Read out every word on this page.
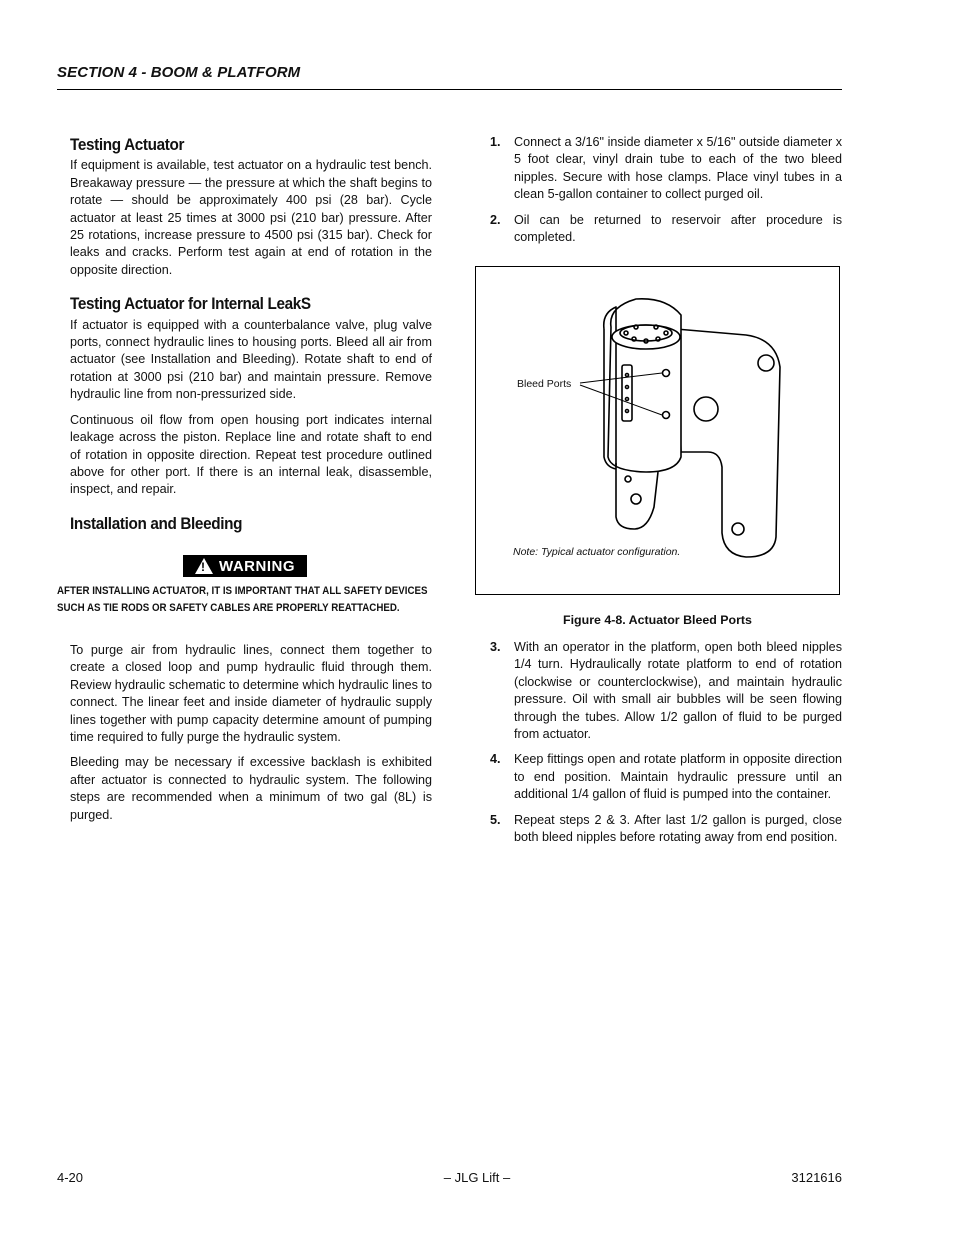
SECTION 4 - BOOM & PLATFORM
Testing Actuator

If equipment is available, test actuator on a hydraulic test bench. Breakaway pressure — the pressure at which the shaft begins to rotate — should be approximately 400 psi (28 bar). Cycle actuator at least 25 times at 3000 psi (210 bar) pressure. After 25 rotations, increase pressure to 4500 psi (315 bar). Check for leaks and cracks. Perform test again at end of rotation in the opposite direction.

Testing Actuator for Internal LeakS

If actuator is equipped with a counterbalance valve, plug valve ports, connect hydraulic lines to housing ports. Bleed all air from actuator (see Installation and Bleeding). Rotate shaft to end of rotation at 3000 psi (210 bar) and maintain pressure. Remove hydraulic line from non-pressurized side.

Continuous oil flow from open housing port indicates internal leakage across the piston. Replace line and rotate shaft to end of rotation in opposite direction. Repeat test procedure outlined above for other port. If there is an internal leak, disassemble, inspect, and repair.

Installation and Bleeding
! WARNING
AFTER INSTALLING ACTUATOR, IT IS IMPORTANT THAT ALL SAFETY DEVICES SUCH AS TIE RODS OR SAFETY CABLES ARE PROPERLY REATTACHED.

To purge air from hydraulic lines, connect them together to create a closed loop and pump hydraulic fluid through them. Review hydraulic schematic to determine which hydraulic lines to connect. The linear feet and inside diameter of hydraulic supply lines together with pump capacity determine amount of pumping time required to fully purge the hydraulic system.

Bleeding may be necessary if excessive backlash is exhibited after actuator is connected to hydraulic system. The following steps are recommended when a minimum of two gal (8L) is purged.

1.	Connect a 3/16" inside diameter x 5/16" outside diameter x 5 foot clear, vinyl drain tube to each of the two bleed nipples. Secure with hose clamps. Place vinyl tubes in a clean 5-gallon container to collect purged oil.
2.	Oil can be returned to reservoir after procedure is completed.
Bleed Ports
Note: Typical actuator configuration.
Figure 4-8. Actuator Bleed Ports
3.	With an operator in the platform, open both bleed nipples 1/4 turn. Hydraulically rotate platform to end of rotation (clockwise or counterclockwise), and maintain hydraulic pressure. Oil with small air bubbles will be seen flowing through the tubes. Allow 1/2 gallon of fluid to be purged from actuator.
4.	Keep fittings open and rotate platform in opposite direction to end position. Maintain hydraulic pressure until an additional 1/4 gallon of fluid is pumped into the container.
5.	Repeat steps 2 & 3. After last 1/2 gallon is purged, close both bleed nipples before rotating away from end position.
4-20	– JLG Lift –	3121616
